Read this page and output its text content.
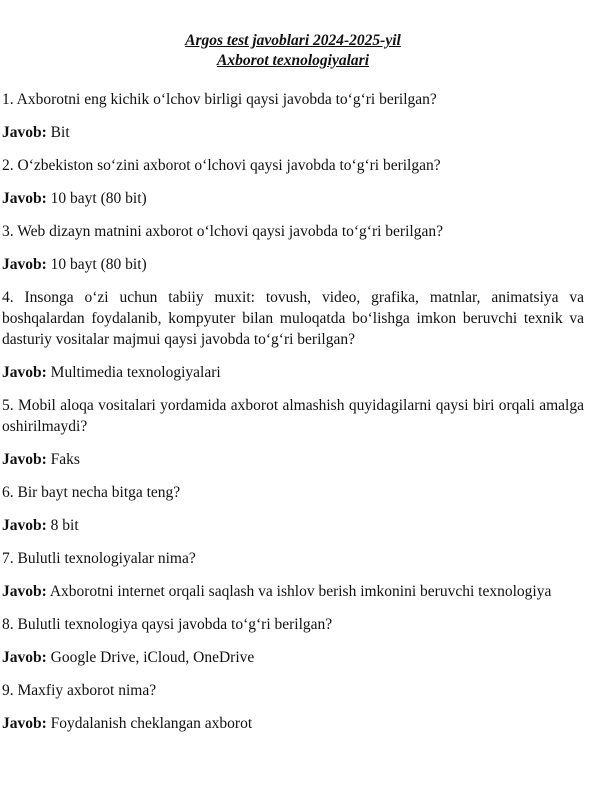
Argos test javoblari 2024-2025-yil
Axborot texnologiyalari

1. Axborotni eng kichik o‘lchov birligi qaysi javobda to‘g‘ri berilgan?

Javob: Bit

2. O‘zbekiston so‘zini axborot o‘lchovi qaysi javobda to‘g‘ri berilgan?

Javob: 10 bayt (80 bit)

3. Web dizayn matnini axborot o‘lchovi qaysi javobda to‘g‘ri berilgan?

Javob: 10 bayt (80 bit)

4. Insonga o‘zi uchun tabiiy muxit: tovush, video, grafika, matnlar, animatsiya va boshqalardan foydalanib, kompyuter bilan muloqatda bo‘lishga imkon beruvchi texnik va dasturiy vositalar majmui qaysi javobda to‘g‘ri berilgan?

Javob: Multimedia texnologiyalari

5. Mobil aloqa vositalari yordamida axborot almashish quyidagilarni qaysi biri orqali amalga oshirilmaydi?

Javob: Faks

6. Bir bayt necha bitga teng?

Javob: 8 bit

7. Bulutli texnologiyalar nima?

Javob: Axborotni internet orqali saqlash va ishlov berish imkonini beruvchi texnologiya

8. Bulutli texnologiya qaysi javobda to‘g‘ri berilgan?

Javob: Google Drive, iCloud, OneDrive

9. Maxfiy axborot nima?

Javob: Foydalanish cheklangan axborot
